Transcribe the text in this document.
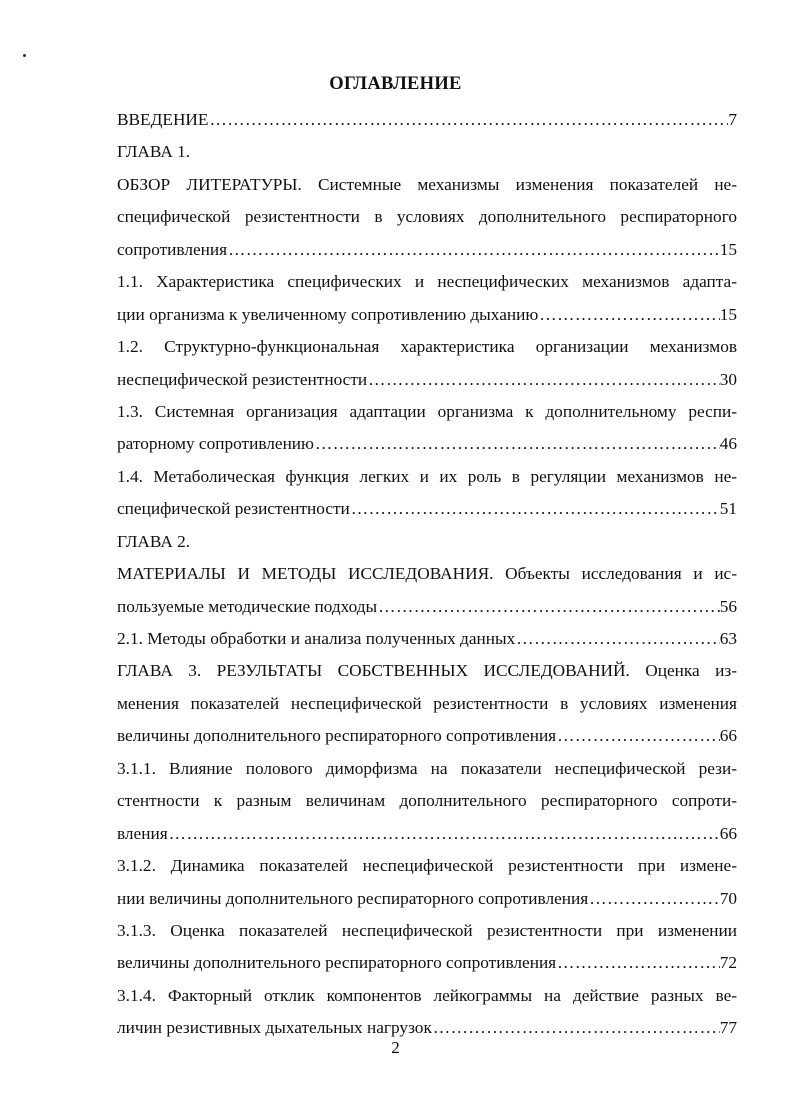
ОГЛАВЛЕНИЕ
ВВЕДЕНИЕ ……………………………………………………………………………………………………………………………………………………	7
ГЛАВА 1.
ОБЗОР ЛИТЕРАТУРЫ. Системные механизмы изменения показателей не-
специфической резистентности в условиях дополнительного респираторного
сопротивления ……………………………………………………………………………………………………………………………………………………	15
1.1. Характеристика специфических и неспецифических механизмов адапта-
ции организма к увеличенному сопротивлению дыханию ……………………………………………………………………………………………………………………………………………………	15
1.2. Структурно-функциональная характеристика организации механизмов
неспецифической резистентности ……………………………………………………………………………………………………………………………………………………	30
1.3. Системная организация адаптации организма к дополнительному респи-
раторному сопротивлению ……………………………………………………………………………………………………………………………………………………	46
1.4. Метаболическая функция легких и их роль в регуляции механизмов не-
специфической резистентности ……………………………………………………………………………………………………………………………………………………	51
ГЛАВА 2.
МАТЕРИАЛЫ И МЕТОДЫ ИССЛЕДОВАНИЯ. Объекты исследования и ис-
пользуемые методические подходы ……………………………………………………………………………………………………………………………………………………	56
2.1. Методы обработки и анализа полученных данных ……………………………………………………………………………………………………………………………………………………	63
ГЛАВА 3. РЕЗУЛЬТАТЫ СОБСТВЕННЫХ ИССЛЕДОВАНИЙ. Оценка из-
менения показателей неспецифической резистентности в условиях изменения
величины дополнительного респираторного сопротивления ……………………………………………………………………………………………………………………………………………………	66
3.1.1. Влияние полового диморфизма на показатели неспецифической рези-
стентности к разным величинам дополнительного респираторного сопроти-
вления ……………………………………………………………………………………………………………………………………………………	66
3.1.2. Динамика показателей неспецифической резистентности при измене-
нии величины дополнительного респираторного сопротивления ……………………………………………………………………………………………………………………………………………………	70
3.1.3. Оценка показателей неспецифической резистентности при изменении
величины дополнительного респираторного сопротивления ……………………………………………………………………………………………………………………………………………………	72
3.1.4. Факторный отклик компонентов лейкограммы на действие разных ве-
личин резистивных дыхательных нагрузок ……………………………………………………………………………………………………………………………………………………	77
2
